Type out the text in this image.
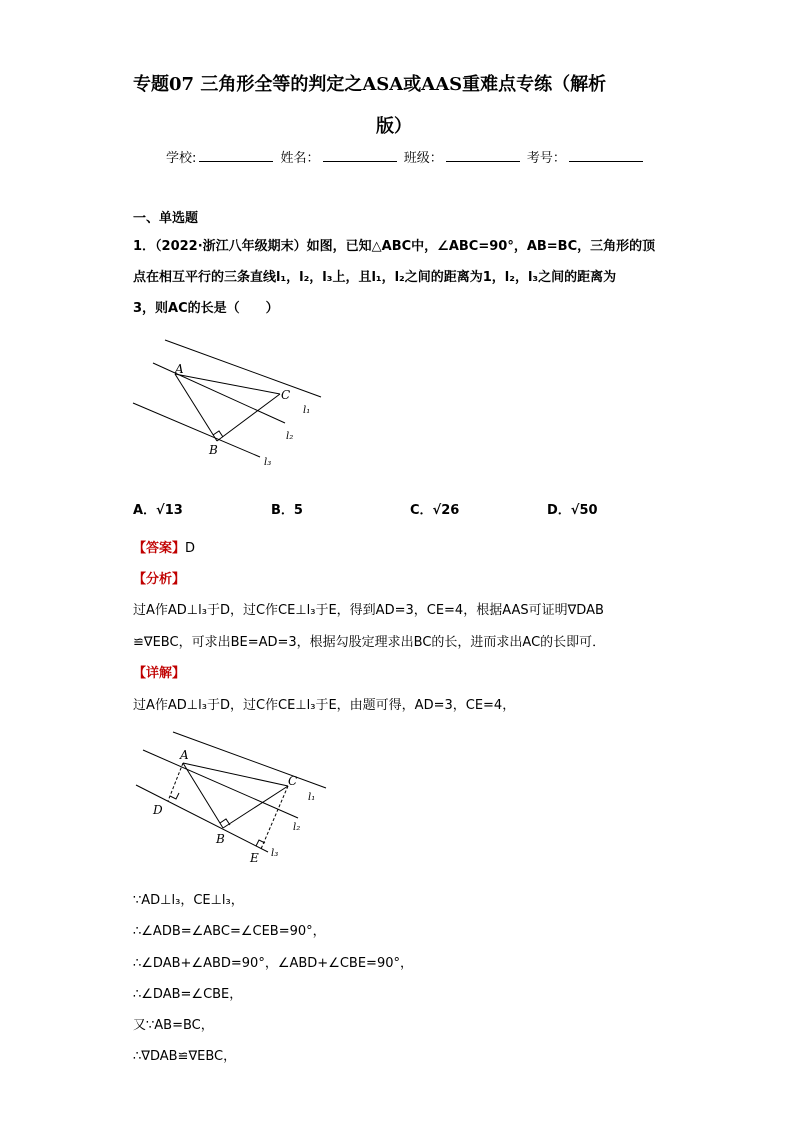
专题07 三角形全等的判定之ASA或AAS重难点专练（解析
版）
学校:	姓名：	班级：	考号：
一、单选题
1．（2022·浙江八年级期末）如图，已知△ABC中，∠ABC=90°，AB=BC，三角形的顶
点在相互平行的三条直线l₁，l₂，l₃上，且l₁，l₂之间的距离为1，l₂，l₃之间的距离为
3，则AC的长是（　　）
A
B
C
l₁
l₂
l₃
A．√13	B．5	C．√26	D．√50
【答案】D
【分析】
过A作AD⊥l₃于D，过C作CE⊥l₃于E，得到AD=3，CE=4，根据AAS可证明∇DAB
≌∇EBC，可求出BE=AD=3，根据勾股定理求出BC的长，进而求出AC的长即可．
【详解】
过A作AD⊥l₃于D，过C作CE⊥l₃于E，由题可得，AD=3，CE=4，
A
B
C
D
E
l₁
l₂
l₃
∵AD⊥l₃，CE⊥l₃，
∴∠ADB=∠ABC=∠CEB=90°，
∴∠DAB+∠ABD=90°，∠ABD+∠CBE=90°，
∴∠DAB=∠CBE，
又∵AB=BC，
∴∇DAB≌∇EBC，
